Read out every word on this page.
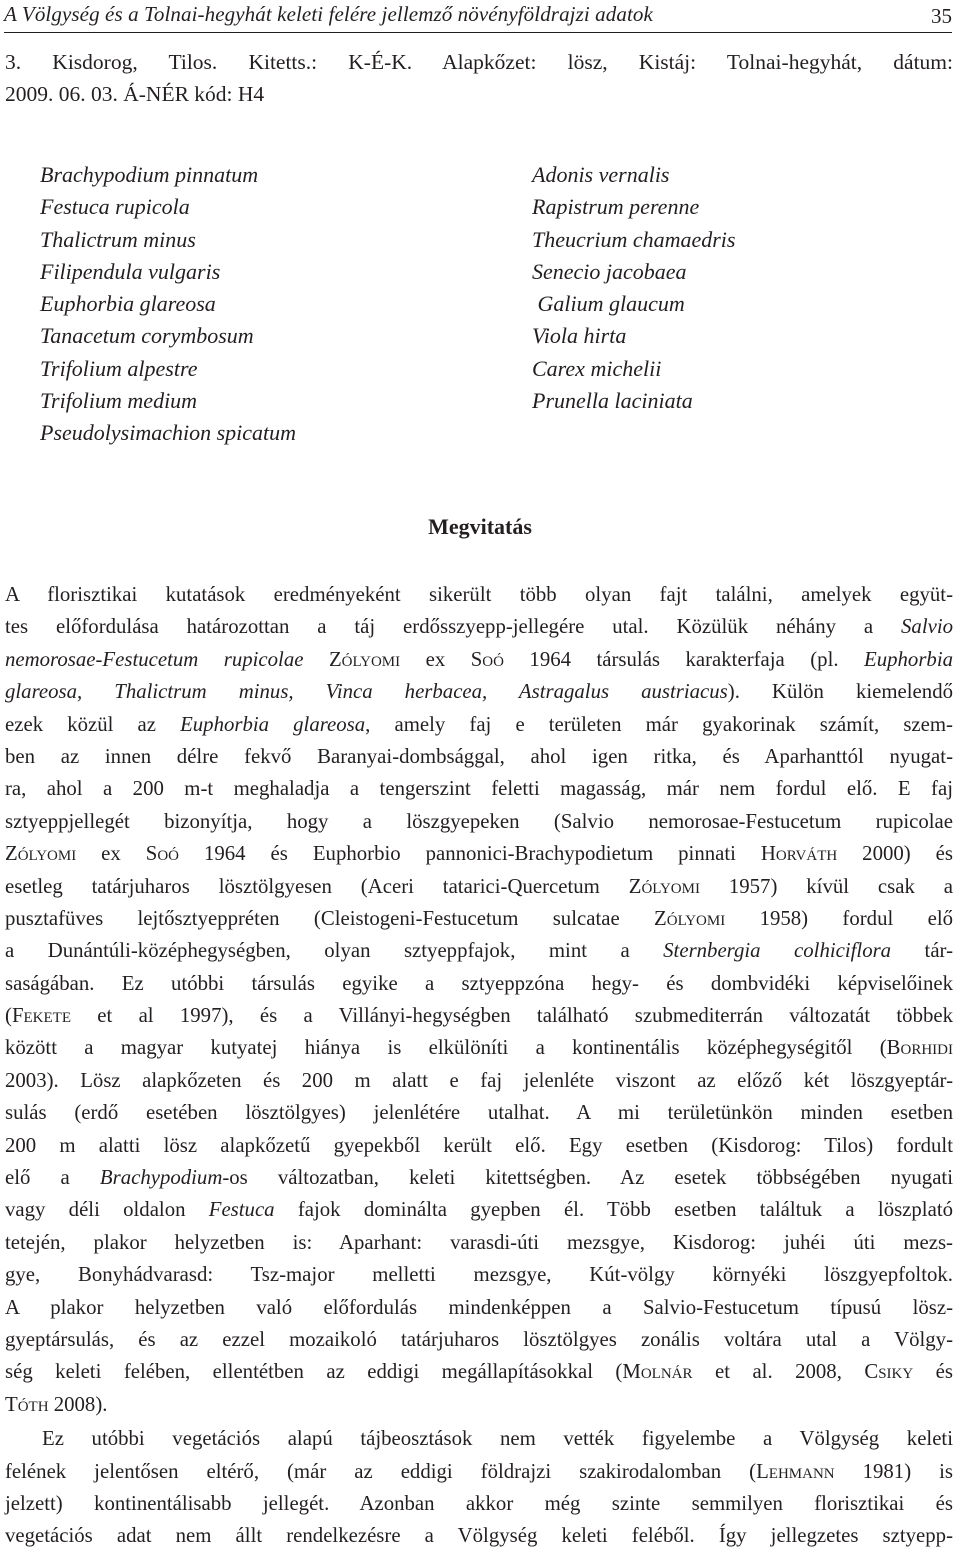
A Völgység és a Tolnai-hegyhát keleti felére jellemző növényföldrajzi adatok	35
3. Kisdorog, Tilos. Kitetts.: K-É-K. Alapkőzet: lösz, Kistáj: Tolnai-hegyhát, dátum:
2009. 06. 03. Á-NÉR kód: H4
Brachypodium pinnatum
Festuca rupicola
Thalictrum minus
Filipendula vulgaris
Euphorbia glareosa
Tanacetum corymbosum
Trifolium alpestre
Trifolium medium
Pseudolysimachion spicatum
Adonis vernalis
Rapistrum perenne
Theucrium chamaedris
Senecio jacobaea
Galium glaucum
Viola hirta
Carex michelii
Prunella laciniata
Megvitatás
A florisztikai kutatások eredményeként sikerült több olyan fajt találni, amelyek együt-
tes előfordulása határozottan a táj erdősszyepp-jellegére utal. Közülük néhány a Salvio
nemorosae-Festucetum rupicolae Zólyomi ex Soó 1964 társulás karakterfaja (pl. Euphorbia
glareosa, Thalictrum minus, Vinca herbacea, Astragalus austriacus). Külön kiemelendő
ezek közül az Euphorbia glareosa, amely faj e területen már gyakorinak számít, szem-
ben az innen délre fekvő Baranyai-dombsággal, ahol igen ritka, és Aparhanttól nyugat-
ra, ahol a 200 m-t meghaladja a tengerszint feletti magasság, már nem fordul elő. E faj
sztyeppjellegét bizonyítja, hogy a löszgyepeken (Salvio nemorosae-Festucetum rupicolae
Zólyomi ex Soó 1964 és Euphorbio pannonici-Brachypodietum pinnati Horváth 2000) és
esetleg tatárjuharos lösztölgyesen (Aceri tatarici-Quercetum Zólyomi 1957) kívül csak a
pusztafüves lejtősztyeppréten (Cleistogeni-Festucetum sulcatae Zólyomi 1958) fordul elő
a Dunántúli-középhegységben, olyan sztyeppfajok, mint a Sternbergia colhiciflora tár-
saságában. Ez utóbbi társulás egyike a sztyeppzóna hegy- és dombvidéki képviselőinek
(Fekete et al 1997), és a Villányi-hegységben található szubmediterrán változatát többek
között a magyar kutyatej hiánya is elkülöníti a kontinentális középhegységitől (Borhidi
2003). Lösz alapkőzeten és 200 m alatt e faj jelenléte viszont az előző két löszgyeptár-
sulás (erdő esetében lösztölgyes) jelenlétére utalhat. A mi területünkön minden esetben
200 m alatti lösz alapkőzetű gyepekből került elő. Egy esetben (Kisdorog: Tilos) fordult
elő a Brachypodium-os változatban, keleti kitettségben. Az esetek többségében nyugati
vagy déli oldalon Festuca fajok dominálta gyepben él. Több esetben találtuk a löszplató
tetején, plakor helyzetben is: Aparhant: varasdi-úti mezsgye, Kisdorog: juhéi úti mezs-
gye, Bonyhádvarasd: Tsz-major melletti mezsgye, Kút-völgy környéki löszgyepfoltok.
A plakor helyzetben való előfordulás mindenképpen a Salvio-Festucetum típusú lösz-
gyeptársulás, és az ezzel mozaikoló tatárjuharos lösztölgyes zonális voltára utal a Völgy-
ség keleti felében, ellentétben az eddigi megállapításokkal (Molnár et al. 2008, Csiky és
Tóth 2008).
Ez utóbbi vegetációs alapú tájbeosztások nem vették figyelembe a Völgység keleti
felének jelentősen eltérő, (már az eddigi földrajzi szakirodalomban (Lehmann 1981) is
jelzett) kontinentálisabb jellegét. Azonban akkor még szinte semmilyen florisztikai és
vegetációs adat nem állt rendelkezésre a Völgység keleti feléből. Így jellegzetes sztyepp-
